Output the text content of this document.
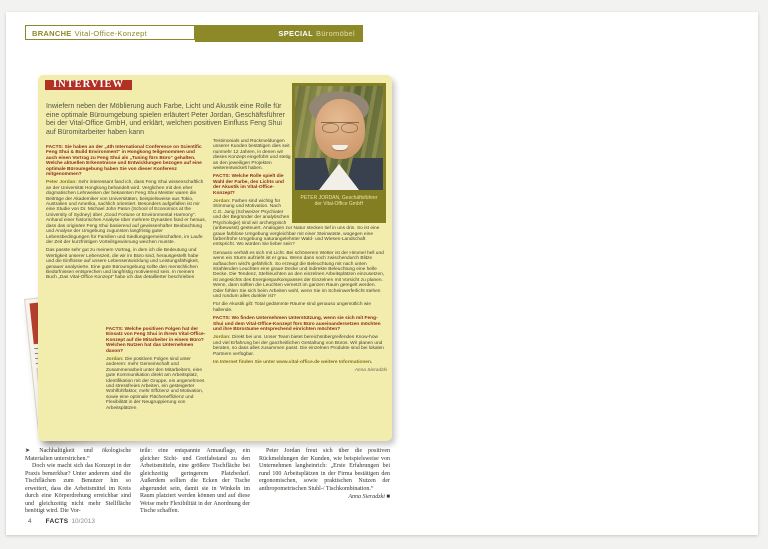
BRANCHE Vital-Office-Konzept	SPECIAL Büromöbel
INTERVIEW

Inwiefern neben der Möblierung auch Farbe, Licht und Akustik eine Rolle für eine optimale Büroumgebung spielen erläutert Peter Jordan, Geschäftsführer bei der Vital-Office GmbH, und erklärt, welchen positiven Einfluss Feng Shui auf Büromitarbeiter haben kann

PETER JORDAN, Geschäftsführer der Vital-Office GmbH

FACTS: Sie haben an der „4th International Conference on Scientific Feng Shui & Build Environment“ in Hongkong teilgenommen und auch einen Vortrag zu Feng Shui als „Tuning fürs Büro“ gehalten. Welche aktuellen Erkenntnisse und Entwicklungen bezogen auf eine optimale Büroumgebung haben Sie von dieser Konferenz mitgenommen?

Peter Jordan: Sehr interessant fand ich, dass Feng Shui wissenschaftlich an der Universität Hongkong behandelt wird. Verglichen mit den eher dogmatischen Lehrweisen der bekannten Feng Shui Meister waren die Beiträge der Akademiker von Universitäten, beispielsweise aus Tokio, Australien und Amerika, sachlich orientiert. Besonders aufgefallen ist mir eine Studie von Dr. Michael John Paton (School of Economics at the University of Sydney) über „Good Fortune or Environmental Harmony“. Anhand einer historischen Analyse über mehrere Dynastien fand er heraus, dass das originäre Feng Shui basierend auf gewissenhafter Beobachtung und Analyse der Umgebung zugunsten langfristig guter Lebensbedingungen für Familien und Siedlungsgemeinschaften, im Laufe der Zeit der kurzfristigen Vorteilsgewinnung weichen musste.

Das passte sehr gut zu meinem Vortrag, in dem ich die Bedeutung und Wertigkeit unserer Lebenszeit, die wir im Büro sind, herausgestellt habe und die Einflüsse auf unsere Lebensentwicklung und Leistungsfähigkeit, genauer analysierte. Eine gute Büroumgebung sollte den menschlichen Bedürfnissen entsprechen und langfristig motivierend sein. In meinem Buch „Das Vital-Office Konzept“ habe ich das detaillierter beschrieben

FACTS: Welche positiven Folgen hat der Einsatz von Feng Shui in Ihrem Vital-Office-Konzept auf die Mitarbeiter in einem Büro? Welchen Nutzen hat das Unternehmen davon?

Jordan: Die positiven Folgen sind unter anderem: mehr Gemeinschaft und Zusammenarbeit unter den Mitarbeitern, eine gute Kommunikation direkt am Arbeitsplatz, Identifikation mit der Gruppe, ein angenehmes und stressfreies Arbeiten, ein gesteigerter Wohlfühlfaktor, mehr Effizienz und Motivation, sowie eine optimale Flächeneffizienz und Flexibilität in der Neugruppierung von Arbeitsplätzen

Testimonials und Rückmeldungen unserer Kunden bestätigen dies seit nunmehr 12 Jahren, in denen wir dieses Konzept eingeführt und stetig an den jeweiligen Projekten weiterentwickelt haben.

FACTS: Welche Rolle spielt die Wahl der Farbe, des Lichts und der Akustik im Vital-Office-Konzept?

Jordan: Farben sind wichtig für Stimmung und Motivation. Nach C.G. Jung (Schweizer Psychiater und der Begründer der analytischen Psychologie) sind wir archetypisch (unbewusst) gesteuert. Analogien zur Natur stecken tief in uns drin. So ist eine graue farblose Umgebung vergleichbar mit einer Steinwüste, wogegen eine farbenfrohe Umgebung naturangelehnter Wald- und Wiesen-Landschaft entspricht. Wo würden Sie lieber sein?

Genauso verhält es sich mit Licht. Bei schönerem Wetter ist der Himmel hell und wenn ein Sturm aufzieht ist er grau. Wenn dann noch zwischendurch Blitze auftauchen wird's gefährlich. So erzeugt die Beleuchtung mit nach unten strahlenden Leuchten eine graue Decke und indirekte Beleuchtung eine helle Decke. Die Tendenz, Stehleuchten an den einzelnen Arbeitsplätzen einzusetzen, ist angesichts des Energiesparkompasses der Einzelnen mit Vorsicht zu planen. Wenn, dann sollten die Leuchten vernetzt im ganzen Raum geregelt werden. Oder fühlen Sie sich beim Arbeiten wohl, wenn Sie im Scheinwerferlicht stehen und rundum alles dunkler ist?

Für die Akustik gilt: Total gedämmte Räume sind genauso ungemütlich wie hallende.

FACTS: Wo finden Unternehmen Unterstützung, wenn sie sich mit Feng-Shui und dem Vital-Office-Konzept fürs Büro auseinandersetzen möchten und ihre Büroräume entsprechend einrichten möchten?

Jordan: Direkt bei uns. Unser Team bietet bereichsübergreifendes Know-how und viel Erfahrung bei der ganzheitlichen Gestaltung von Büros. Wir planen und beraten, so dass alles zusammen passt. Die einzelnen Produkte sind bei lokalen Partnern verfügbar.

Im Internet finden Sie unter www.vital-office.de weitere Informationen.

Anna Sieradzki

➤ Nachhaltigkeit und ökologische Materialien unterstrichen.“

Doch wie macht sich das Konzept in der Praxis bemerkbar? Unter anderem sind die Tischflächen zum Benutzer hin so erweitert, dass die Arbeitsmittel im Kreis durch eine Körperdrehung erreichbar sind und gleichzeitig nicht mehr Stellfläche benötigt wird. Die Vor-

teile: eine entspannte Armauflage, ein gleicher Sicht- und Greifabstand zu den Arbeitsmitteln, eine größere Tischfläche bei gleichzeitig geringerem Platzbedarf. Außerdem sollten die Ecken der Tische abgerundet sein, damit sie in Winkeln im Raum platziert werden können und auf diese Weise mehr Flexibilität in der Anordnung der Tische schaffen.

Peter Jordan freut sich über die positiven Rückmeldungen der Kunden, wie beispielsweise von Unternehmen langheinrich: „Erste Erfahrungen bei rund 100 Arbeitsplätzen in der Firma bestätigen den ergonomischen, sowie praktischen Nutzen der anthropometrischen Stuhl-/ Tischkombination.“

Anna Sieradzki ■

4 FACTS 10/2013
